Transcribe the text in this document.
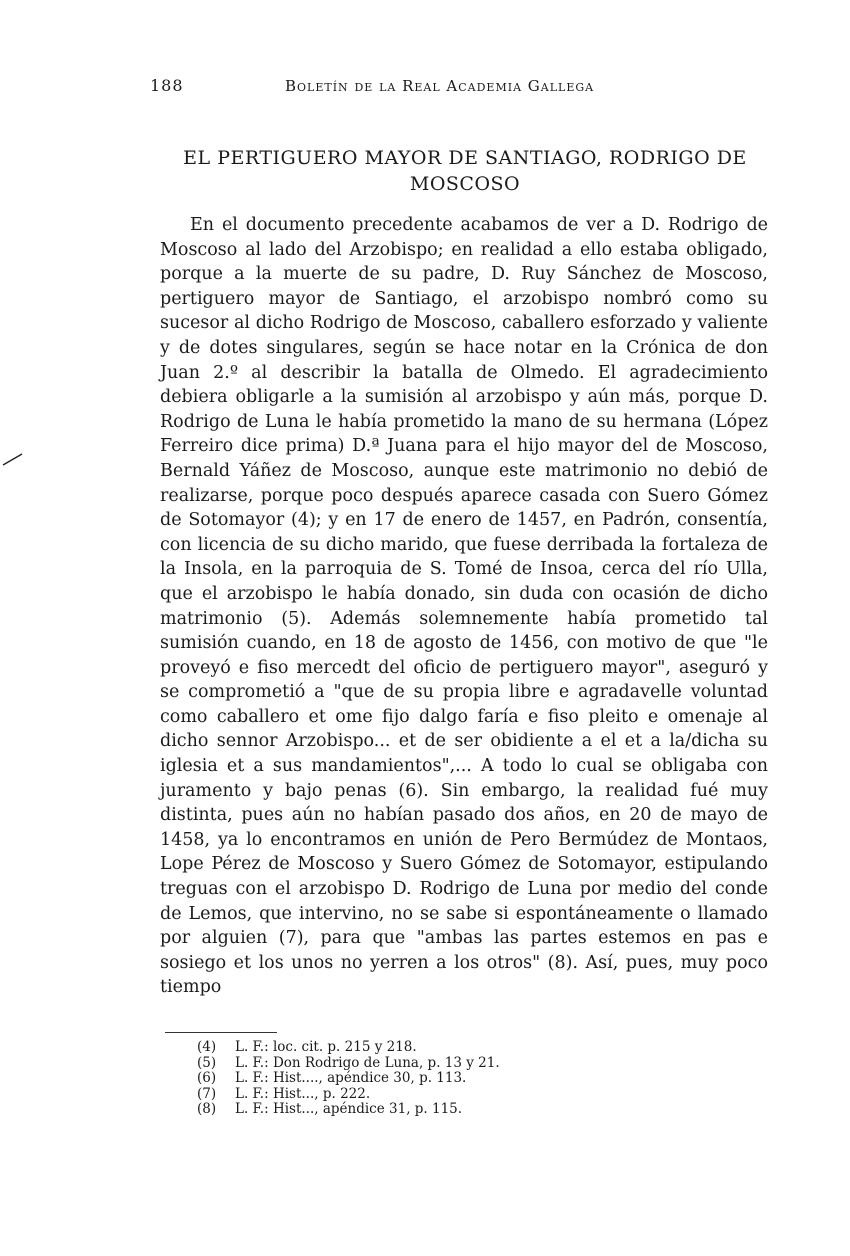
188	Boletín de la Real Academia Gallega
EL PERTIGUERO MAYOR DE SANTIAGO, RODRIGO DE
MOSCOSO

En el documento precedente acabamos de ver a D. Rodrigo de Moscoso al lado del Arzobispo; en realidad a ello estaba obligado, porque a la muerte de su padre, D. Ruy Sánchez de Moscoso, pertiguero mayor de Santiago, el arzobispo nombró como su sucesor al dicho Rodrigo de Moscoso, caballero esforzado y valiente y de dotes singulares, según se hace notar en la Crónica de don Juan 2.º al describir la batalla de Olmedo. El agradecimiento debiera obligarle a la sumisión al arzobispo y aún más, porque D. Rodrigo de Luna le había prometido la mano de su hermana (López Ferreiro dice prima) D.ª Juana para el hijo mayor del de Moscoso, Bernald Yáñez de Moscoso, aunque este matrimonio no debió de realizarse, porque poco después aparece casada con Suero Gómez de Sotomayor (4); y en 17 de enero de 1457, en Padrón, consentía, con licencia de su dicho marido, que fuese derribada la fortaleza de la Insola, en la parroquia de S. Tomé de Insoa, cerca del río Ulla, que el arzobispo le había donado, sin duda con ocasión de dicho matrimonio (5). Además solemnemente había prometido tal sumisión cuando, en 18 de agosto de 1456, con motivo de que "le proveyó e fiso mercedt del oficio de pertiguero mayor", aseguró y se comprometió a "que de su propia libre e agradavelle voluntad como caballero et ome fijo dalgo faría e fiso pleito e omenaje al dicho sennor Arzobispo... et de ser obidiente a el et a la/dicha su iglesia et a sus mandamientos",... A todo lo cual se obligaba con juramento y bajo penas (6). Sin embargo, la realidad fué muy distinta, pues aún no habían pasado dos años, en 20 de mayo de 1458, ya lo encontramos en unión de Pero Bermúdez de Montaos, Lope Pérez de Moscoso y Suero Gómez de Sotomayor, estipulando treguas con el arzobispo D. Rodrigo de Luna por medio del conde de Lemos, que intervino, no se sabe si espontáneamente o llamado por alguien (7), para que "ambas las partes estemos en pas e sosiego et los unos no yerren a los otros" (8). Así, pues, muy poco tiempo

(4)	L. F.: loc. cit. p. 215 y 218.
(5)	L. F.: Don Rodrigo de Luna, p. 13 y 21.
(6)	L. F.: Hist...., apéndice 30, p. 113.
(7)	L. F.: Hist..., p. 222.
(8)	L. F.: Hist..., apéndice 31, p. 115.
